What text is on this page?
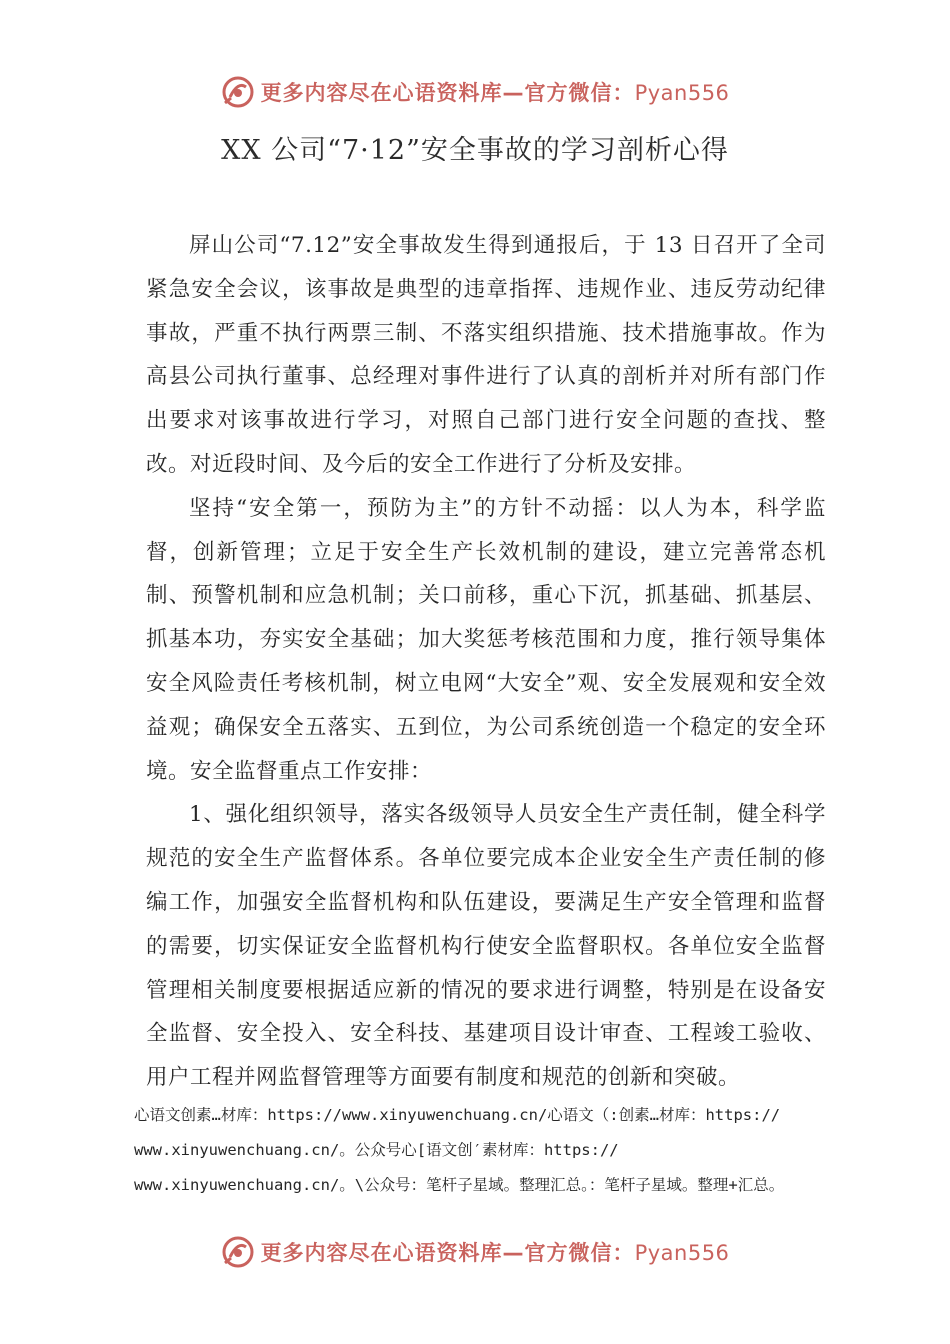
更多内容尽在心语资料库—官方微信：Pyan556
XX 公司“7·12”安全事故的学习剖析心得

屏山公司“7.12”安全事故发生得到通报后，于 13 日召开了全司紧急安全会议，该事故是典型的违章指挥、违规作业、违反劳动纪律事故，严重不执行两票三制、不落实组织措施、技术措施事故。作为高县公司执行董事、总经理对事件进行了认真的剖析并对所有部门作出要求对该事故进行学习，对照自己部门进行安全问题的查找、整改。对近段时间、及今后的安全工作进行了分析及安排。

坚持“安全第一，预防为主”的方针不动摇：以人为本，科学监督，创新管理；立足于安全生产长效机制的建设，建立完善常态机制、预警机制和应急机制；关口前移，重心下沉，抓基础、抓基层、抓基本功，夯实安全基础；加大奖惩考核范围和力度，推行领导集体安全风险责任考核机制，树立电网“大安全”观、安全发展观和安全效益观；确保安全五落实、五到位，为公司系统创造一个稳定的安全环境。安全监督重点工作安排：

1、强化组织领导，落实各级领导人员安全生产责任制，健全科学规范的安全生产监督体系。各单位要完成本企业安全生产责任制的修编工作，加强安全监督机构和队伍建设，要满足生产安全管理和监督的需要，切实保证安全监督机构行使安全监督职权。各单位安全监督管理相关制度要根据适应新的情况的要求进行调整，特别是在设备安全监督、安全投入、安全科技、基建项目设计审查、工程竣工验收、用户工程并网监督管理等方面要有制度和规范的创新和突破。

心语文创素…材库：https://www.xinyuwenchuang.cn/心语文（:创素…材库：https://
www.xinyuwenchuang.cn/。公众号心[语文创′素材库：https://
www.xinyuwenchuang.cn/。\公众号：笔杆子星域。整理汇总。：笔杆子星域。整理+汇总。
更多内容尽在心语资料库—官方微信：Pyan556
